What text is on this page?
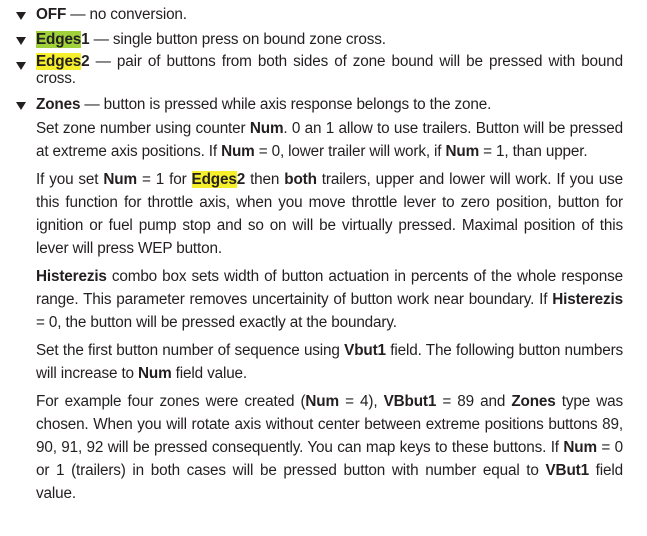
OFF — no conversion.
Edges1 — single button press on bound zone cross.
Edges2 — pair of buttons from both sides of zone bound will be pressed with bound cross.
Zones — button is pressed while axis response belongs to the zone.
Set zone number using counter Num. 0 an 1 allow to use trailers. Button will be pressed at extreme axis positions. If Num = 0, lower trailer will work, if Num = 1, than upper.
If you set Num = 1 for Edges2 then both trailers, upper and lower will work. If you use this function for throttle axis, when you move throttle lever to zero position, button for ignition or fuel pump stop and so on will be virtually pressed. Maximal position of this lever will press WEP button.
Histerezis combo box sets width of button actuation in percents of the whole response range. This parameter removes uncertainity of button work near boundary. If Histerezis = 0, the button will be pressed exactly at the boundary.
Set the first button number of sequence using Vbut1 field. The following button numbers will increase to Num field value.
For example four zones were created (Num = 4), VBbut1 = 89 and Zones type was chosen. When you will rotate axis without center between extreme positions buttons 89, 90, 91, 92 will be pressed consequently. You can map keys to these buttons. If Num = 0 or 1 (trailers) in both cases will be pressed button with number equal to VBut1 field value.
